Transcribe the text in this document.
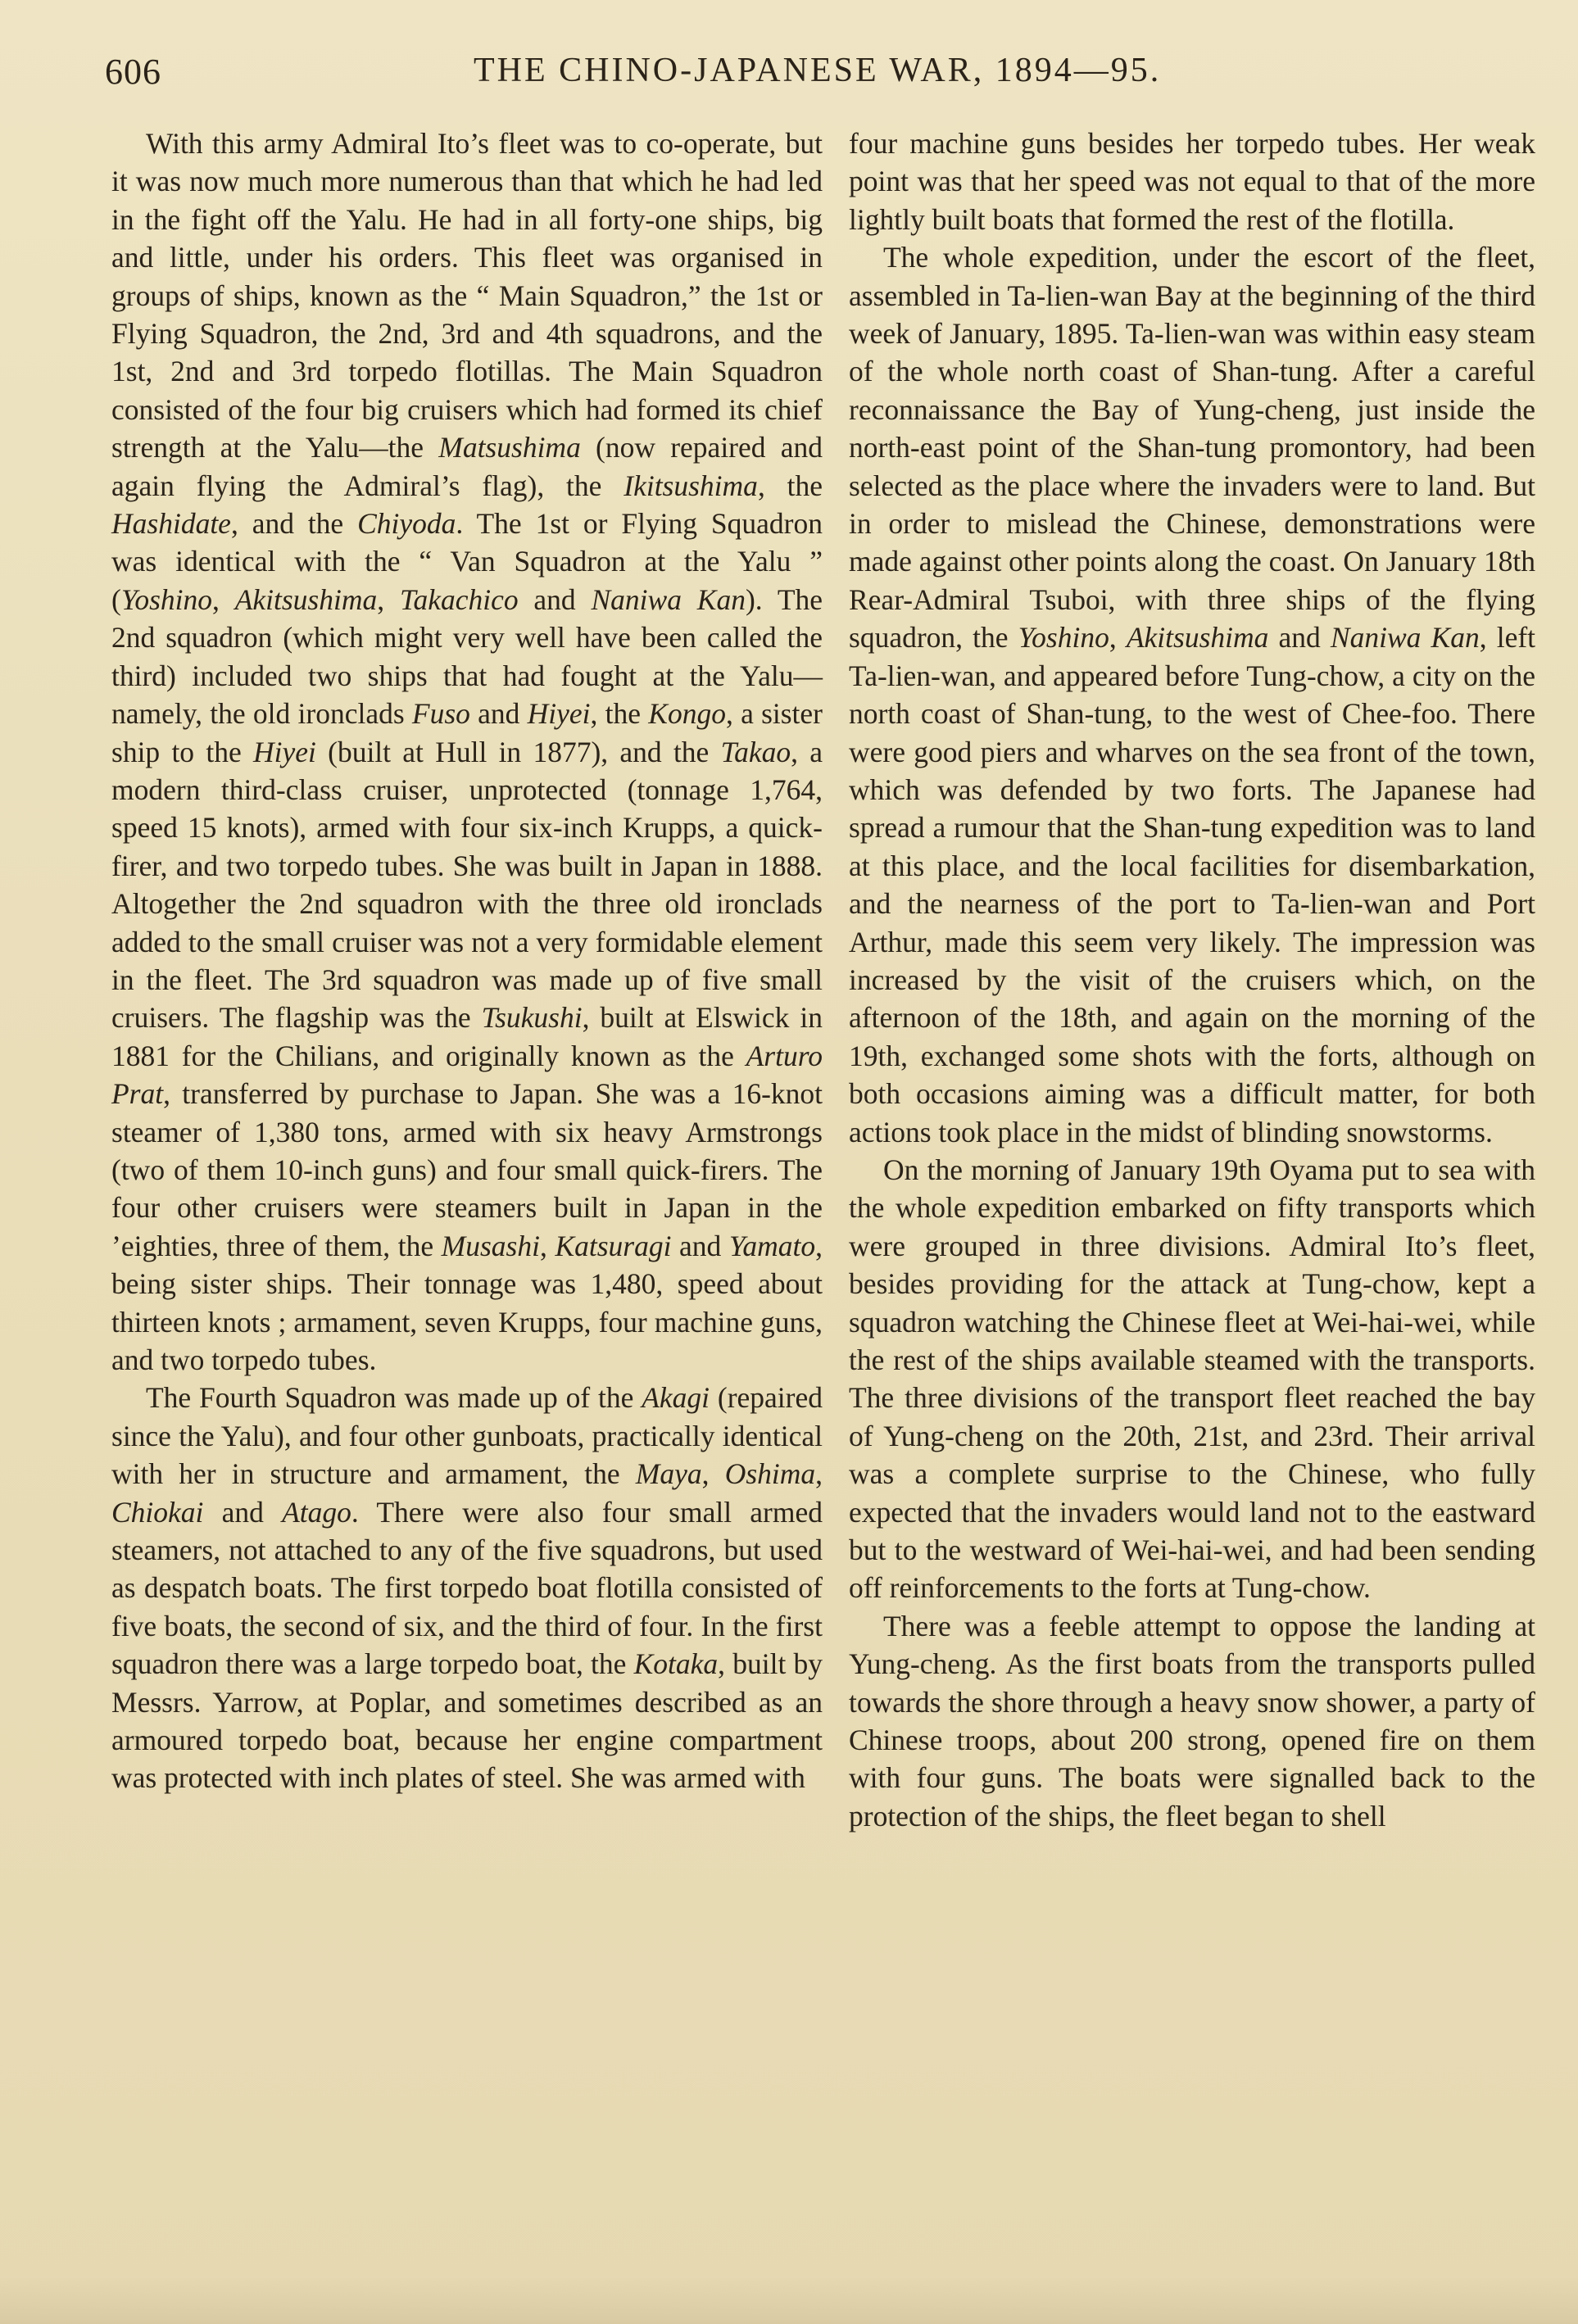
606	THE CHINO-JAPANESE WAR, 1894—95.

With this army Admiral Ito’s fleet was to co-operate, but it was now much more numerous than that which he had led in the fight off the Yalu. He had in all forty-one ships, big and little, under his orders. This fleet was organised in groups of ships, known as the “ Main Squadron,” the 1st or Flying Squadron, the 2nd, 3rd and 4th squadrons, and the 1st, 2nd and 3rd torpedo flotillas. The Main Squadron consisted of the four big cruisers which had formed its chief strength at the Yalu—the Matsushima (now repaired and again flying the Admiral’s flag), the Ikitsushima, the Hashidate, and the Chiyoda. The 1st or Flying Squadron was identical with the “ Van Squadron at the Yalu ” (Yoshino, Akitsushima, Takachico and Naniwa Kan). The 2nd squadron (which might very well have been called the third) included two ships that had fought at the Yalu—namely, the old ironclads Fuso and Hiyei, the Kongo, a sister ship to the Hiyei (built at Hull in 1877), and the Takao, a modern third-class cruiser, unprotected (tonnage 1,764, speed 15 knots), armed with four six-inch Krupps, a quick-firer, and two torpedo tubes. She was built in Japan in 1888. Altogether the 2nd squadron with the three old ironclads added to the small cruiser was not a very formidable element in the fleet. The 3rd squadron was made up of five small cruisers. The flagship was the Tsukushi, built at Elswick in 1881 for the Chilians, and originally known as the Arturo Prat, transferred by purchase to Japan. She was a 16-knot steamer of 1,380 tons, armed with six heavy Armstrongs (two of them 10-inch guns) and four small quick-firers. The four other cruisers were steamers built in Japan in the ’eighties, three of them, the Musashi, Katsuragi and Yamato, being sister ships. Their tonnage was 1,480, speed about thirteen knots ; armament, seven Krupps, four machine guns, and two torpedo tubes.

The Fourth Squadron was made up of the Akagi (repaired since the Yalu), and four other gunboats, practically identical with her in structure and armament, the Maya, Oshima, Chiokai and Atago. There were also four small armed steamers, not attached to any of the five squadrons, but used as despatch boats. The first torpedo boat flotilla consisted of five boats, the second of six, and the third of four. In the first squadron there was a large torpedo boat, the Kotaka, built by Messrs. Yarrow, at Poplar, and sometimes described as an armoured torpedo boat, because her engine compartment was protected with inch plates of steel. She was armed with

four machine guns besides her torpedo tubes. Her weak point was that her speed was not equal to that of the more lightly built boats that formed the rest of the flotilla.

The whole expedition, under the escort of the fleet, assembled in Ta-lien-wan Bay at the beginning of the third week of January, 1895. Ta-lien-wan was within easy steam of the whole north coast of Shan-tung. After a careful reconnaissance the Bay of Yung-cheng, just inside the north-east point of the Shan-tung promontory, had been selected as the place where the invaders were to land. But in order to mislead the Chinese, demonstrations were made against other points along the coast. On January 18th Rear-Admiral Tsuboi, with three ships of the flying squadron, the Yoshino, Akitsushima and Naniwa Kan, left Ta-lien-wan, and appeared before Tung-chow, a city on the north coast of Shan-tung, to the west of Chee-foo. There were good piers and wharves on the sea front of the town, which was defended by two forts. The Japanese had spread a rumour that the Shan-tung expedition was to land at this place, and the local facilities for disembarkation, and the nearness of the port to Ta-lien-wan and Port Arthur, made this seem very likely. The impression was increased by the visit of the cruisers which, on the afternoon of the 18th, and again on the morning of the 19th, exchanged some shots with the forts, although on both occasions aiming was a difficult matter, for both actions took place in the midst of blinding snowstorms.

On the morning of January 19th Oyama put to sea with the whole expedition embarked on fifty transports which were grouped in three divisions. Admiral Ito’s fleet, besides providing for the attack at Tung-chow, kept a squadron watching the Chinese fleet at Wei-hai-wei, while the rest of the ships available steamed with the transports. The three divisions of the transport fleet reached the bay of Yung-cheng on the 20th, 21st, and 23rd. Their arrival was a complete surprise to the Chinese, who fully expected that the invaders would land not to the eastward but to the westward of Wei-hai-wei, and had been sending off reinforcements to the forts at Tung-chow.

There was a feeble attempt to oppose the landing at Yung-cheng. As the first boats from the transports pulled towards the shore through a heavy snow shower, a party of Chinese troops, about 200 strong, opened fire on them with four guns. The boats were signalled back to the protection of the ships, the fleet began to shell
